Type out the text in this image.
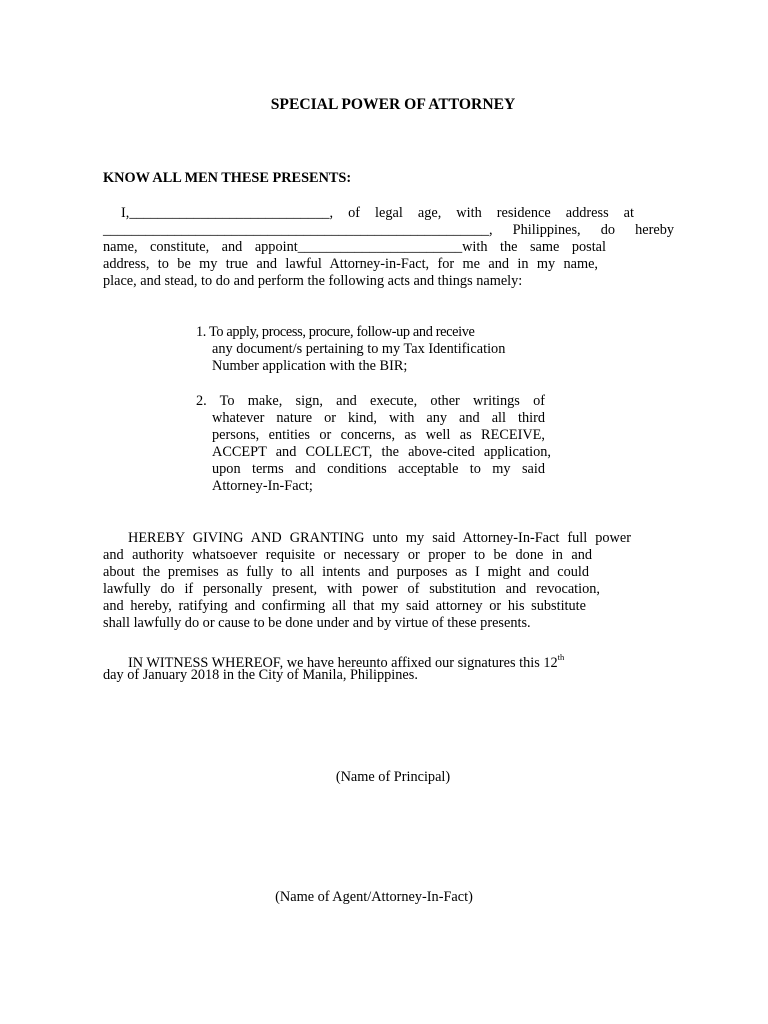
SPECIAL POWER OF ATTORNEY
KNOW ALL MEN THESE PRESENTS:
I,____________________________, of legal age, with residence address at
______________________________________________________, Philippines, do hereby
name, constitute, and appoint_______________________with the same postal
address, to be my true and lawful Attorney-in-Fact, for me and in my name,
place, and stead, to do and perform the following acts and things namely:
1. To apply, process, procure, follow-up and receive
any document/s pertaining to my Tax Identification
Number application with the BIR;
2. To make, sign, and execute, other writings of
whatever nature or kind, with any and all third
persons, entities or concerns, as well as RECEIVE,
ACCEPT and COLLECT, the above-cited application,
upon terms and conditions acceptable to my said
Attorney-In-Fact;
HEREBY GIVING AND GRANTING unto my said Attorney-In-Fact full power
and authority whatsoever requisite or necessary or proper to be done in and
about the premises as fully to all intents and purposes as I might and could
lawfully do if personally present, with power of substitution and revocation,
and hereby, ratifying and confirming all that my said attorney or his substitute
shall lawfully do or cause to be done under and by virtue of these presents.
IN WITNESS WHEREOF, we have hereunto affixed our signatures this 12th
day of January 2018 in the City of Manila, Philippines.
(Name of Principal)
(Name of Agent/Attorney-In-Fact)
